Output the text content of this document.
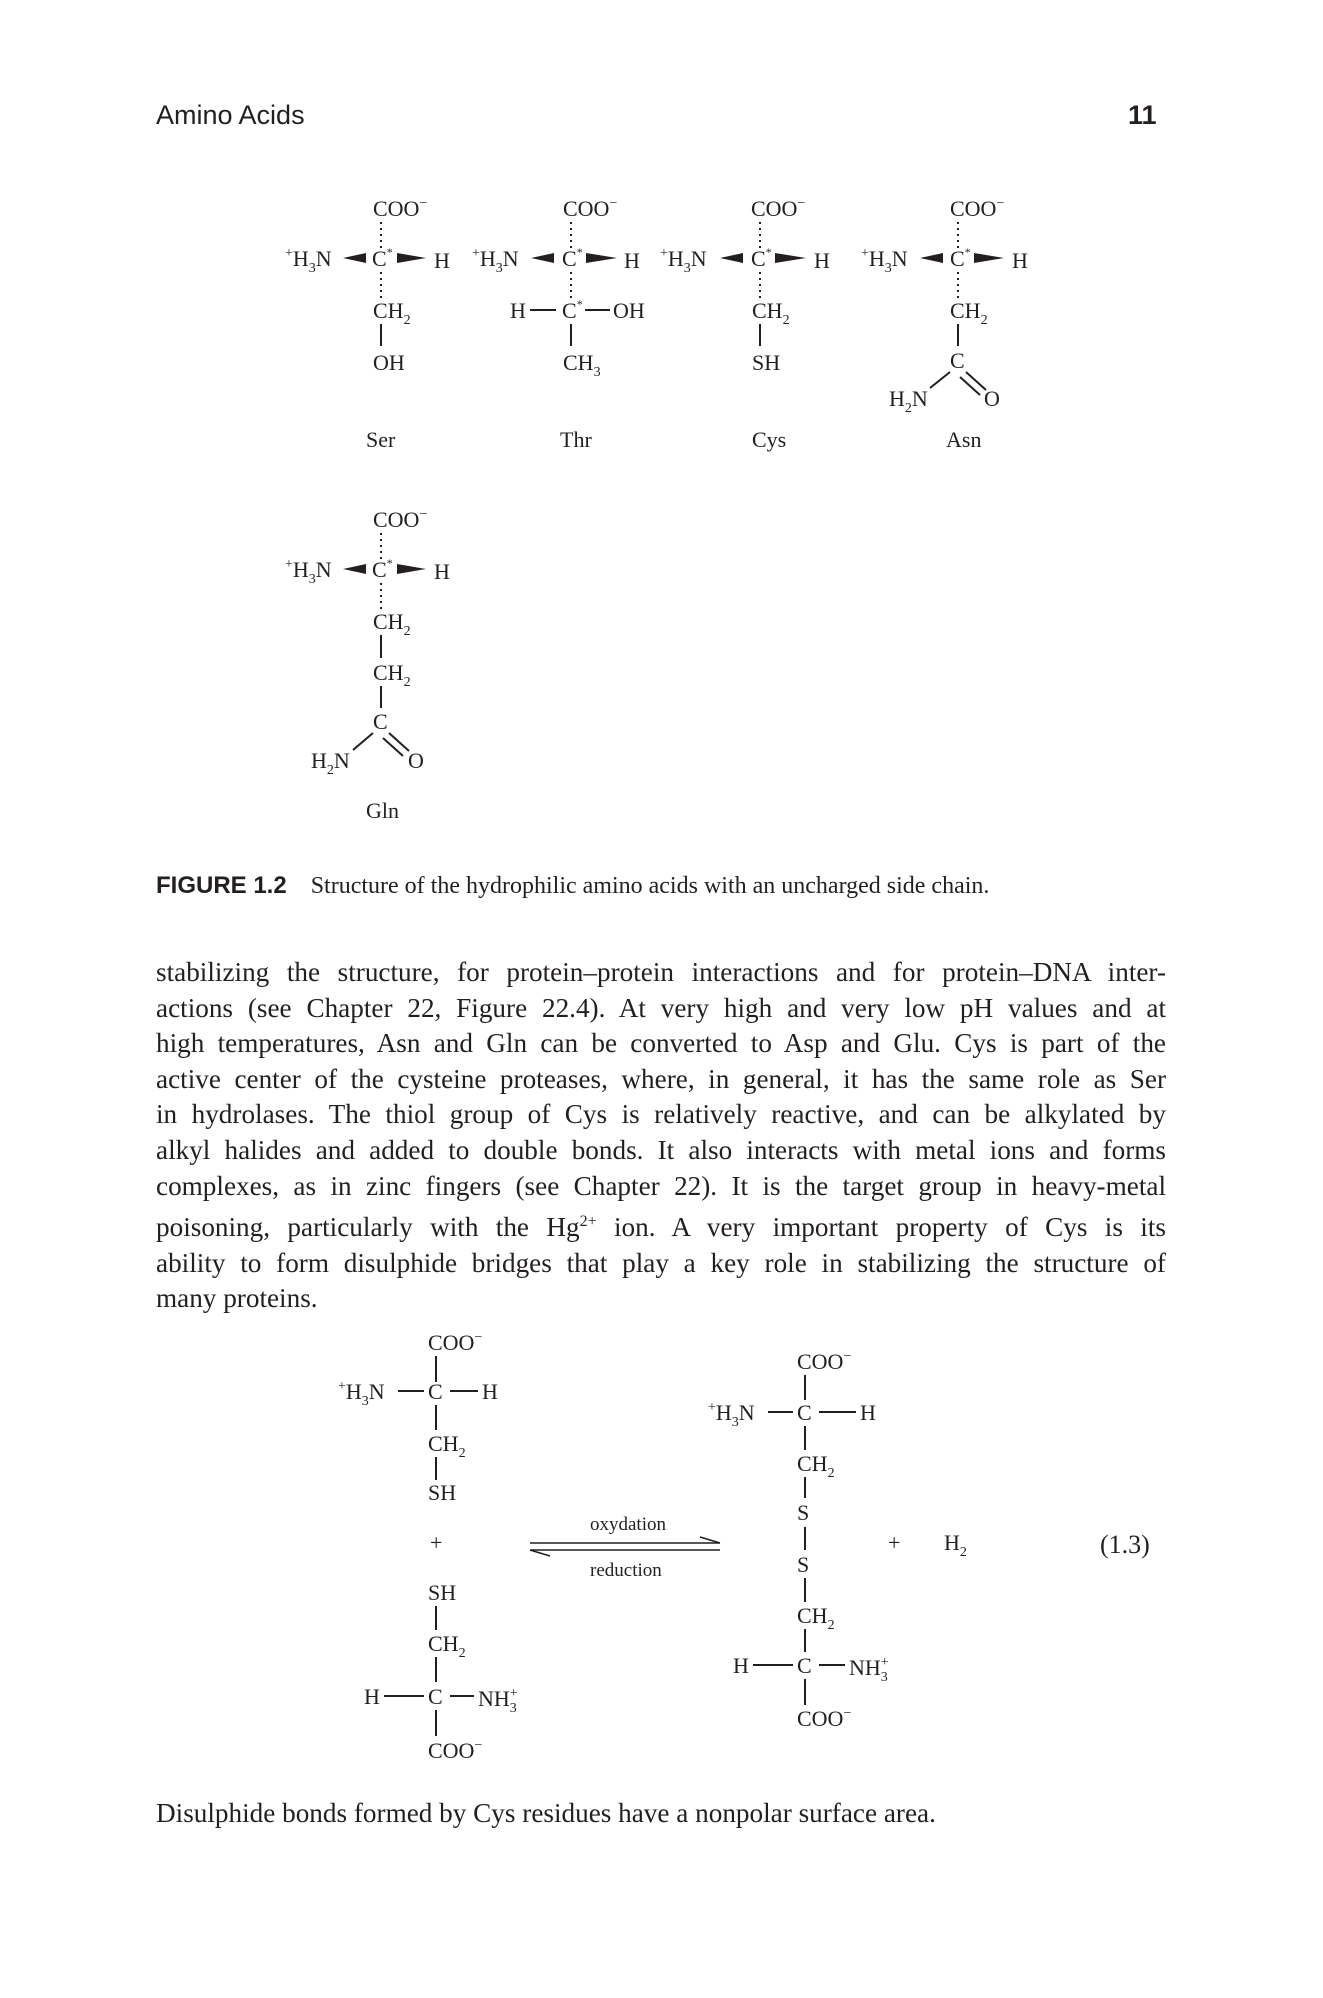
Amino Acids	11
COO−
$^+H_3N$ C* H
$CH_2$
OH
Ser
COO−
$^+H_3N$ C* H
H C* OH
$CH_3$
Thr
COO−
$^+H_3N$ C* H
$CH_2$
SH
Cys
COO−
$^+H_3N$ C* H
$CH_2$
C
$H_2N$	O
Asn
COO−
$^+H_3N$ C* H
$CH_2$
$CH_2$
C
$H_2N$	O
Gln
FIGURE 1.2 Structure of the hydrophilic amino acids with an uncharged side chain.
stabilizing the structure, for protein–protein interactions and for protein–DNA inter-
actions (see Chapter 22, Figure 22.4). At very high and very low pH values and at
high temperatures, Asn and Gln can be converted to Asp and Glu. Cys is part of the
active center of the cysteine proteases, where, in general, it has the same role as Ser
in hydrolases. The thiol group of Cys is relatively reactive, and can be alkylated by
alkyl halides and added to double bonds. It also interacts with metal ions and forms
complexes, as in zinc fingers (see Chapter 22). It is the target group in heavy-metal
poisoning, particularly with the $Hg^{2+}$ ion. A very important property of Cys is its
ability to form disulphide bridges that play a key role in stabilizing the structure of
many proteins.
COO−
$^+H_3N$ C H
$CH_2$
SH
+
SH
$CH_2$
H C NH+ 3
COO−
oxydation
reduction
COO−
$^+H_3N$ C H
$CH_2$
S
S
$CH_2$
H C NH+ 3
COO−
+ $H_2$	(1.3)
Disulphide bonds formed by Cys residues have a nonpolar surface area.
